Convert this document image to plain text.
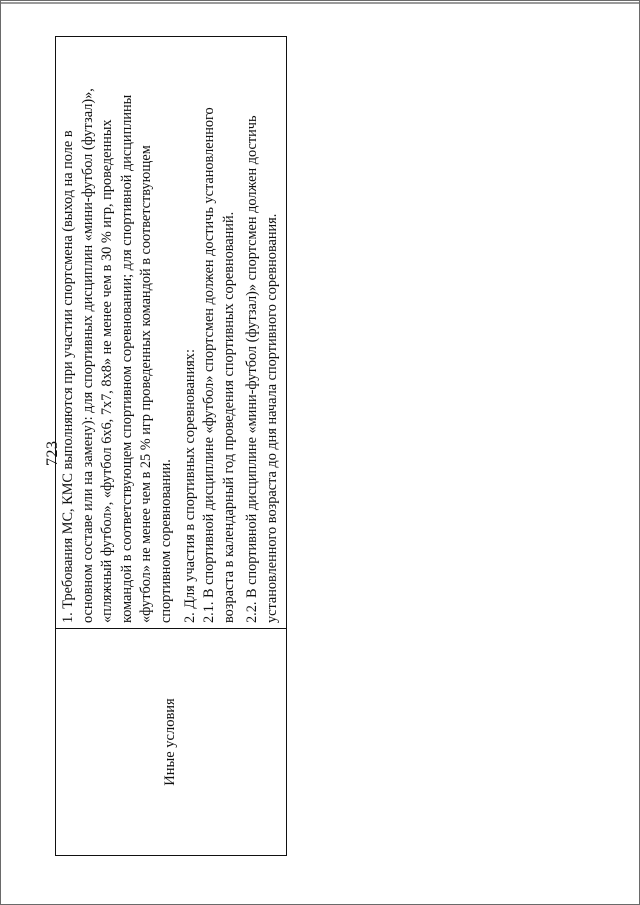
723
Иные условия

1. Требования МС, КМС выполняются при участии спортсмена (выход на поле в основном составе или на замену): для спортивных дисциплин «мини-футбол (футзал)», «пляжный футбол», «футбол 6х6, 7х7, 8х8» не менее чем в 30 % игр, проведенных командой в соответствующем спортивном соревновании; для спортивной дисциплины «футбол» не менее чем в 25 % игр проведенных командой в соответствующем спортивном соревновании. 2. Для участия в спортивных соревнованиях: 2.1. В спортивной дисциплине «футбол» спортсмен должен достичь установленного возраста в календарный год проведения спортивных соревнований. 2.2. В спортивной дисциплине «мини-футбол (футзал)» спортсмен должен достичь установленного возраста до дня начала спортивного соревнования.
